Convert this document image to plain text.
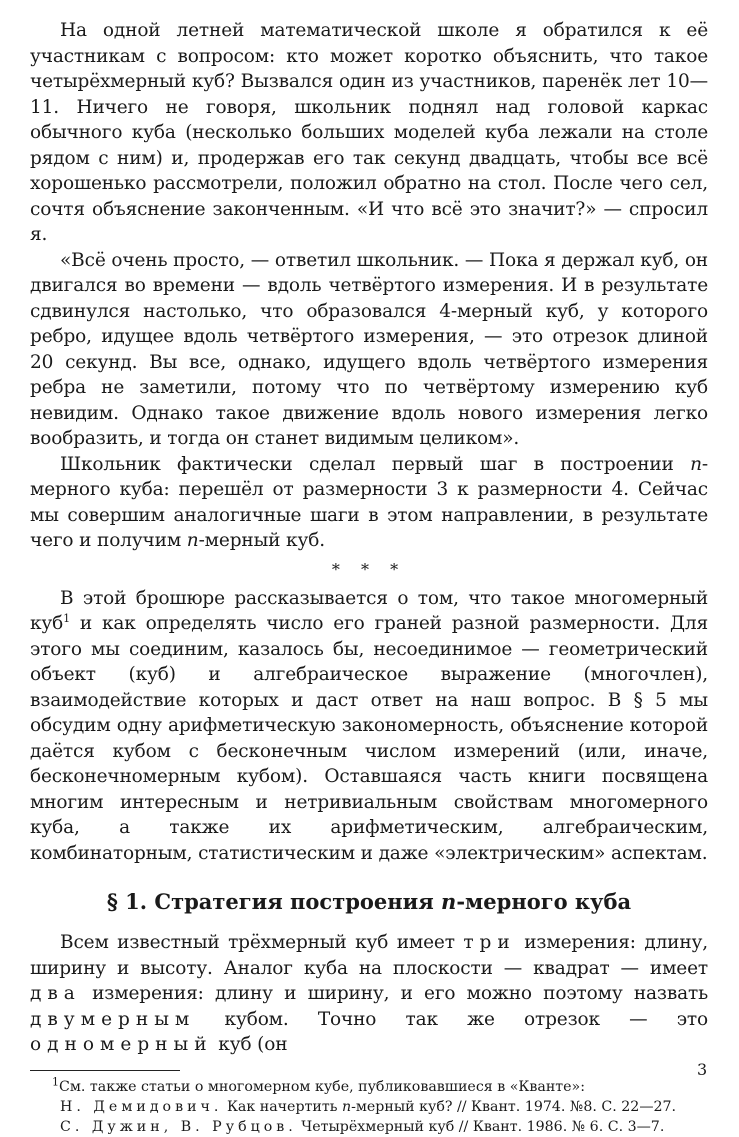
На одной летней математической школе я обратился к её участникам с вопросом: кто может коротко объяснить, что такое четырёхмерный куб? Вызвался один из участников, паренёк лет 10—11. Ничего не говоря, школьник поднял над головой каркас обычного куба (несколько больших моделей куба лежали на столе рядом с ним) и, продержав его так секунд двадцать, чтобы все всё хорошенько рассмотрели, положил обратно на стол. После чего сел, сочтя объяснение законченным. «И что всё это значит?» — спросил я.

«Всё очень просто, — ответил школьник. — Пока я держал куб, он двигался во времени — вдоль четвёртого измерения. И в результате сдвинулся настолько, что образовался 4-мерный куб, у которого ребро, идущее вдоль четвёртого измерения, — это отрезок длиной 20 секунд. Вы все, однако, идущего вдоль четвёртого измерения ребра не заметили, потому что по четвёртому измерению куб невидим. Однако такое движение вдоль нового измерения легко вообразить, и тогда он станет видимым целиком».

Школьник фактически сделал первый шаг в построении n-мерного куба: перешёл от размерности 3 к размерности 4. Сейчас мы совершим аналогичные шаги в этом направлении, в результате чего и получим n-мерный куб.

* * *

В этой брошюре рассказывается о том, что такое многомерный куб$^1$ и как определять число его граней разной размерности. Для этого мы соединим, казалось бы, несоединимое — геометрический объект (куб) и алгебраическое выражение (многочлен), взаимодействие которых и даст ответ на наш вопрос. В § 5 мы обсудим одну арифметическую закономерность, объяснение которой даётся кубом с бесконечным числом измерений (или, иначе, бесконечномерным кубом). Оставшаяся часть книги посвящена многим интересным и нетривиальным свойствам многомерного куба, а также их арифметическим, алгебраическим, комбинаторным, статистическим и даже «электрическим» аспектам.

§ 1. Стратегия построения n-мерного куба

Всем известный трёхмерный куб имеет три измерения: длину, ширину и высоту. Аналог куба на плоскости — квадрат — имеет два измерения: длину и ширину, и его можно поэтому назвать двумерным кубом. Точно так же отрезок — это одномерный куб (он

$^1$См. также статьи о многомерном кубе, публиковавшиеся в «Кванте»:
Н. Демидович. Как начертить n-мерный куб? // Квант. 1974. №8. С. 22—27.
С. Дужин, В. Рубцов. Четырёхмерный куб // Квант. 1986. № 6. С. 3—7.
3
